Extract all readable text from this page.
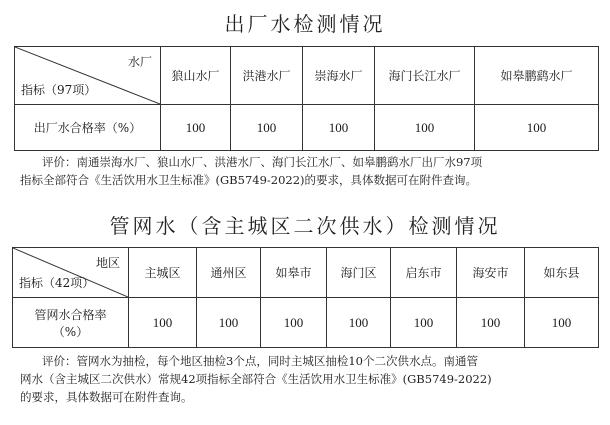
出厂水检测情况
水厂
指标（97项）	狼山水厂	洪港水厂	崇海水厂	海门长江水厂	如皋鹏鹞水厂
出厂水合格率（%）	100	100	100	100	100

评价：南通崇海水厂、狼山水厂、洪港水厂、海门长江水厂、如皋鹏鹞水厂出厂水97项
指标全部符合《生活饮用水卫生标准》(GB5749-2022)的要求，具体数据可在附件查询。

管网水（含主城区二次供水）检测情况
地区
指标（42项）	主城区	通州区	如皋市	海门区	启东市	海安市	如东县
管网水合格率
（%）	100	100	100	100	100	100	100

评价：管网水为抽检，每个地区抽检3个点，同时主城区抽检10个二次供水点。南通管
网水（含主城区二次供水）常规42项指标全部符合《生活饮用水卫生标准》(GB5749-2022)
的要求，具体数据可在附件查询。
